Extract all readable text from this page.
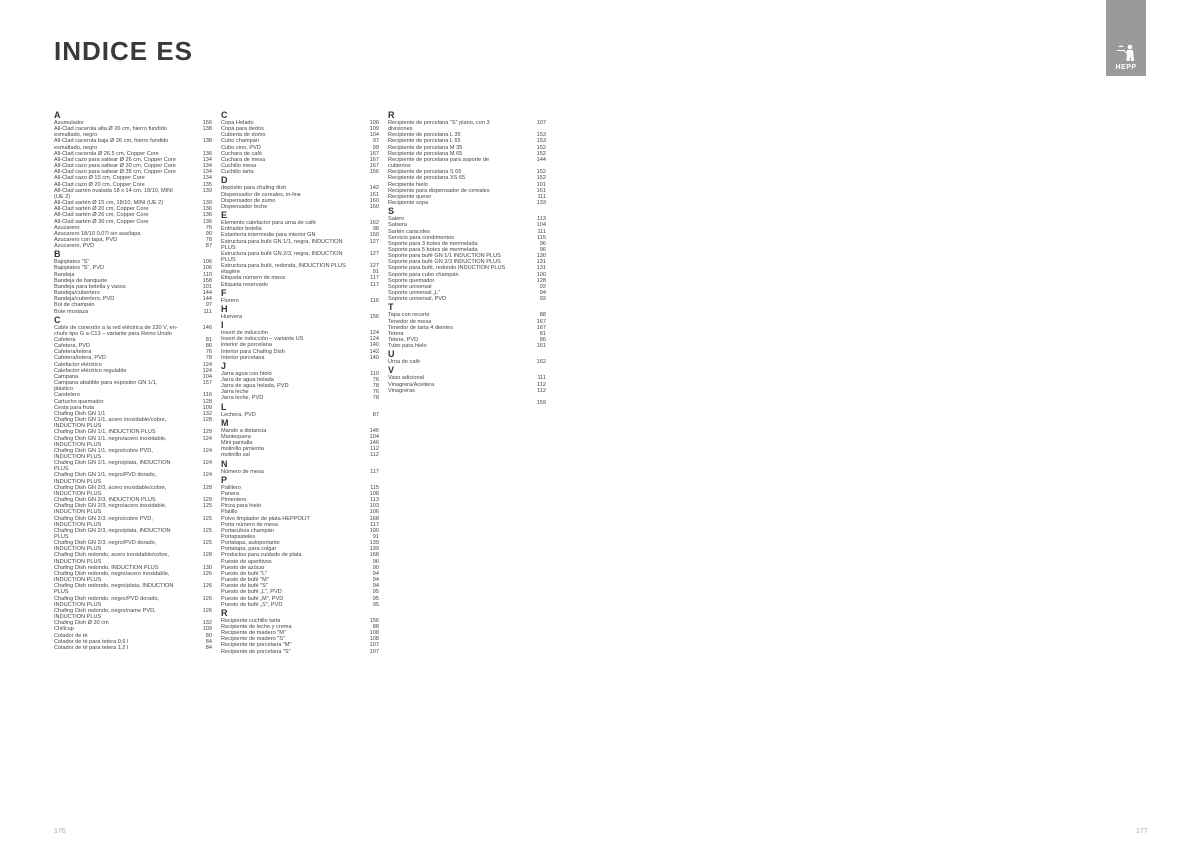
INDICE ES
HEPP
A
Azumulador	156
All-Clad cacerola alta Ø 26 cm, hierro fundido	138
esmaltado, negro
All-Clad cacerola baja Ø 26 cm, hierro fundido	138
esmaltado, negro
All-Clad cacerola Ø 26,5 cm, Copper Core	136
All-Clad cazo para saltear Ø 26 cm, Copper Core	134
All-Clad cazo para saltear Ø 30 cm, Copper Core	134
All-Clad cazo para saltear Ø 35 cm, Copper Core	134
All-Clad cazo Ø 15 cm, Copper Core	134
All-Clad cazo Ø 20 cm, Copper Core	135
All-Clad sartén ovalada 18 x 14 cm, 18/10, MINI	139
(UE 2)
All-Clad sartén Ø 15 cm, 18/10, MINI (UE 2)	139
All-Clad sartén Ø 20 cm, Copper Core	136
All-Clad sartén Ø 26 cm, Copper Core	136
All-Clad sartén Ø 30 cm, Copper Core	136
Azucarero	76
Azucarero 18/10 0,07l sin asa/tapa	90
Azucarero con tapa, PVD	78
Azucarero, PVD	87
B
Bajoplatos "S"	106
Bajoplatos "S", PVD	106
Bandeja	110
Bandeja de banquete	158
Bandeja para botella y vasos	101
Bandeja/cubertero	144
Bandeja/cubertero, PVD	144
Bol de champán	97
Bote mostaza	111
C
Cable de conexión a la red eléctrica de 230 V, en-	146
chufe tipo G a C13 – variante para Reino Unido
Cafetera	81
Cafetera, PVD	86
Cafetera/tetera	76
Cafetera/tetera, PVD	78
Calefactor eléctrico	124
Calefactor eléctrico regulable	124
Campana	104
Campana abatible para expositor GN 1/1,	157
plástico
Candelero	116
Cartucho quemador	128
Cesta para fruta	109
Chafing Dish GN 1/1	132
Chafing Dish GN 1/1, acero inoxidable/cobre,	128
INDUCTION PLUS
Chafing Dish GN 1/1, INDUCTION PLUS	129
Chafing Dish GN 1/1, negro/acero inoxidable,	124
INDUCTION PLUS
Chafing Dish GN 1/1, negro/cobre PVD,	124
INDUCTION PLUS
Chafing Dish GN 1/1, negro/plata, INDUCTION	124
PLUS
Chafing Dish GN 1/1, negro/PVD dorado,	124
INDUCTION PLUS
Chafing Dish GN 2/3, acero inoxidable/cobre,	128
INDUCTION PLUS
Chafing Dish GN 2/3, INDUCTION PLUS	129
Chafing Dish GN 2/3, negro/acero inoxidable,	125
INDUCTION PLUS
Chafing Dish GN 2/3, negro/cobre PVD,	125
INDUCTION PLUS
Chafing Dish GN 2/3, negro/plata, INDUCTION	125
PLUS
Chafing Dish GN 2/3, negro/PVD dorado,	125
INDUCTION PLUS
Chafing Dish redondo, acero inoxidable/cobre,	128
INDUCTION PLUS
Chafing Dish redondo, INDUCTION PLUS	130
Chafing Dish redondo, negro/acero inoxidable,	126
INDUCTION PLUS
Chafing Dish redondo, negro/plata, INDUCTION	126
PLUS
Chafing Dish redondo, negro/PVD dorado,	126
INDUCTION PLUS
Chafing Dish redondo, negro/name PVD,	126
INDUCTION PLUS
Chafing Dish Ø 30 cm	132
Chillcup	109
Colador de té	80
Colador de té para tetera 0,6 l	84
Colador de té para tetera 1,2 l	84
C
Copa Helado	106
Copa para dedos	109
Cubierta de domo	104
Cubo champán	97
Cubo vino, PVD	99
Cuchara de café	167
Cuchara de mesa	167
Cuchillo mesa	167
Cuchillo tarta	156
D
depósito para chafing dish	142
Dispensador de cereales, in-line	161
Dispensador de zumo	160
Dispensador leche	160
E
Elemento calefactor para urna de café	162
Enfriador botella	98
Estantería intermedia para interior GN	150
Estructura para bufé GN 1/1, negra, INDUCTION	127
PLUS
Estructura para bufé GN 2/3, negra, INDUCTION	127
PLUS
Estructura para bufé, redonda, INDUCTION PLUS	127
étagère	91
Etiqueta número de mesa	117
Etiqueta reservado	117
F
Florero	116
H
Huevera	156
I
Insert de inducción	124
Insert de inducción – variante US	124
interior de porcelana	140
Interior para Chafing Dish	142
Interior porcelana	140
J
Jarra agua con hielo	110
Jarra de agua helada	76
Jarra de agua helada, PVD	78
Jarra leche	76
Jarra leche, PVD	78
L
Lechera, PVD	87
M
Mando a distancia	146
Mantequera	104
Mini pantalla	146
molinillo pimienta	112
molinillo sal	112
N
Número de mesa	117
P
Palillero	115
Panera	108
Pimentero	113
Pinza para hielo	103
Platillo	106
Polvo limpiador de plata HEPPOLIT	168
Porta número de mesa	117
Portacubos champán	100
Portapasteles	91
Portatapa, autoportante	139
Portatapa, para colgar	139
Productos para cuidado de plata	168
Puesto de aperitivos	96
Puesto de azúcar	90
Puesto de bufé "L"	94
Puesto de bufé "M"	94
Puesto de bufé "S"	94
Puesto de bufé „L", PVD	95
Puesto de bufé „M", PVD	95
Puesto de bufé „S", PVD	95
R
Recipiente cuchillo tarta	156
Recipiente de leche y crema	88
Recipiente de madero "M"	108
Recipiente de madero "S"	108
Recipiente de porcelana "M"	107
Recipiente de porcelana "S"	107
R
Recipiente de porcelana "S" plano, con 3	107
divisiones
Recipiente de porcelana L 35	153
Recipiente de porcelana L 65	153
Recipiente de porcelana M 35	152
Recipiente de porcelana M 65	152
Recipiente de porcelana para soporte de	144
cubiertos
Recipiente de porcelana S 65	152
Recipiente de porcelana XS 65	152
Recipiente hielo	101
Recipiente para dispensador de cereales	161
Recipiente queso	111
Recipiente sopa	133
S
Salero	113
Salsera	104
Sartén caracoles	111
Servicio para condimentos	115
Soporte para 3 botes de mermelada	96
Soporte para 5 botes de mermelada	96
Soporte para bufé GN 1/1 INDUCTION PLUS	130
Soporte para bufé GN 2/3 INDUCTION PLUS	131
Soporte para bufé, redondo INDUCTION PLUS	131
Soporte para cubo champán	100
Soporte quemador	128
Soporte universal	92
Soporte universal „L"	94
Soporte universal, PVD	92
T
Tapa con recorte	88
Tenedor de mesa	167
Tenedor de tarta 4 dientes	167
Tetera	81
Tetera, PVD	86
Tubo para hielo	161
U
Urna de café	162
V
Vaso adicional	111
Vinagrera/Aceitera	112
Vinagreras	112
159
176	177
